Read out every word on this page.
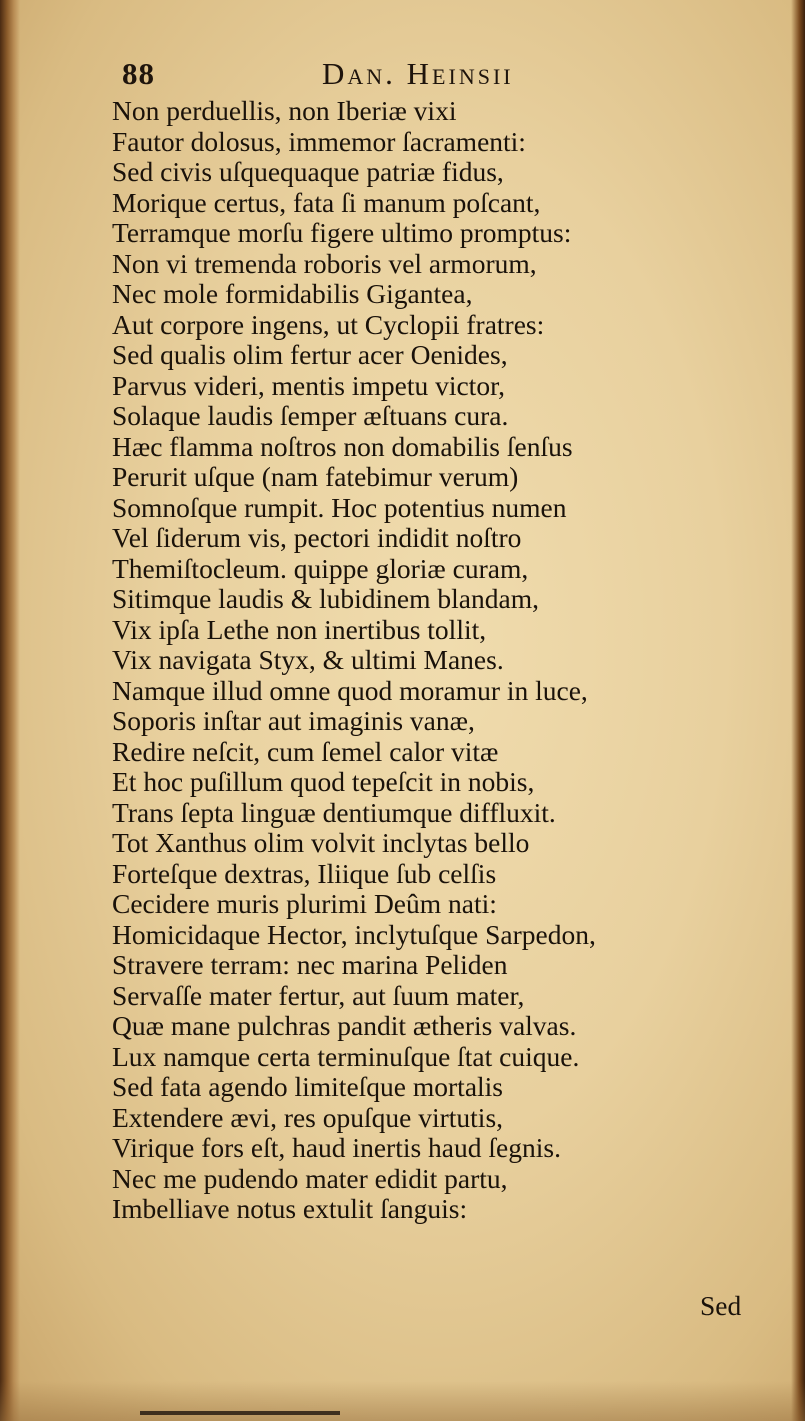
88	Dan. Heinsii
Non perduellis, non Iberiæ vixi
Fautor dolosus, immemor ſacramenti:
Sed civis uſquequaque patriæ fidus,
Morique certus, fata ſi manum poſcant,
Terramque morſu figere ultimo promptus:
Non vi tremenda roboris vel armorum,
Nec mole formidabilis Gigantea,
Aut corpore ingens, ut Cyclopii fratres:
Sed qualis olim fertur acer Oenides,
Parvus videri, mentis impetu victor,
Solaque laudis ſemper æſtuans cura.
Hæc flamma noſtros non domabilis ſenſus
Perurit uſque (nam fatebimur verum)
Somnoſque rumpit. Hoc potentius numen
Vel ſiderum vis, pectori indidit noſtro
Themiſtocleum. quippe gloriæ curam,
Sitimque laudis & lubidinem blandam,
Vix ipſa Lethe non inertibus tollit,
Vix navigata Styx, & ultimi Manes.
Namque illud omne quod moramur in luce,
Soporis inſtar aut imaginis vanæ,
Redire neſcit, cum ſemel calor vitæ
Et hoc puſillum quod tepeſcit in nobis,
Trans ſepta linguæ dentiumque diffluxit.
Tot Xanthus olim volvit inclytas bello
Forteſque dextras, Iliique ſub celſis
Cecidere muris plurimi Deûm nati:
Homicidaque Hector, inclytuſque Sarpedon,
Stravere terram: nec marina Peliden
Servaſſe mater fertur, aut ſuum mater,
Quæ mane pulchras pandit ætheris valvas.
Lux namque certa terminuſque ſtat cuique.
Sed fata agendo limiteſque mortalis
Extendere ævi, res opuſque virtutis,
Virique fors eſt, haud inertis haud ſegnis.
Nec me pudendo mater edidit partu,
Imbelliave notus extulit ſanguis:
Sed
